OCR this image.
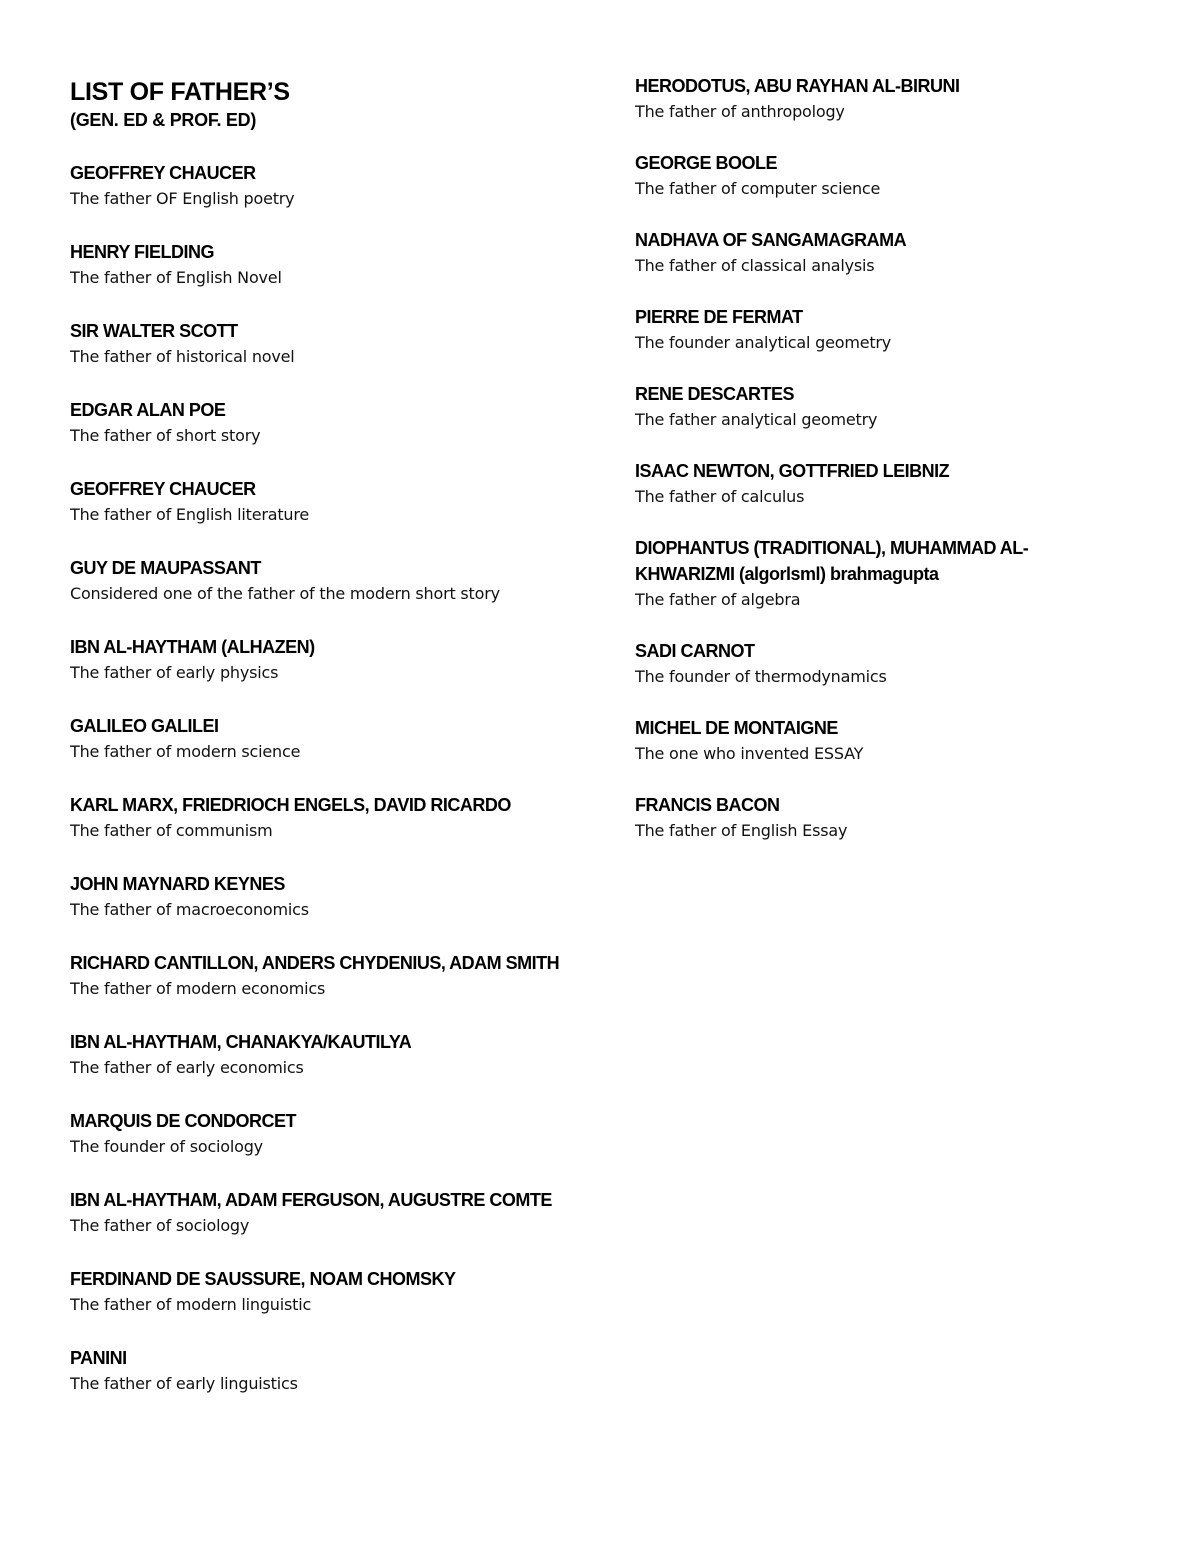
LIST OF FATHER’S
(GEN. ED & PROF. ED)
GEOFFREY CHAUCER
The father OF English poetry
HENRY FIELDING
The father of English Novel
SIR WALTER SCOTT
The father of historical novel
EDGAR ALAN POE
The father of short story
GEOFFREY CHAUCER
The father of English literature
GUY DE MAUPASSANT
Considered one of the father of the modern short story
IBN AL-HAYTHAM (ALHAZEN)
The father of early physics
GALILEO GALILEI
The father of modern science
KARL MARX, FRIEDRIOCH ENGELS, DAVID RICARDO
The father of communism
JOHN MAYNARD KEYNES
The father of macroeconomics
RICHARD CANTILLON, ANDERS CHYDENIUS, ADAM SMITH
The father of modern economics
IBN AL-HAYTHAM, CHANAKYA/KAUTILYA
The father of early economics
MARQUIS DE CONDORCET
The founder of sociology
IBN AL-HAYTHAM, ADAM FERGUSON, AUGUSTRE COMTE
The father of sociology
FERDINAND DE SAUSSURE, NOAM CHOMSKY
The father of modern linguistic
PANINI
The father of early linguistics
HERODOTUS, ABU RAYHAN AL-BIRUNI
The father of anthropology
GEORGE BOOLE
The father of computer science
NADHAVA OF SANGAMAGRAMA
The father of classical analysis
PIERRE DE FERMAT
The founder analytical geometry
RENE DESCARTES
The father analytical geometry
ISAAC NEWTON, GOTTFRIED LEIBNIZ
The father of calculus
DIOPHANTUS (TRADITIONAL), MUHAMMAD AL-KHWARIZMI (algorlsml) brahmagupta
The father of algebra
SADI CARNOT
The founder of thermodynamics
MICHEL DE MONTAIGNE
The one who invented ESSAY
FRANCIS BACON
The father of English Essay
